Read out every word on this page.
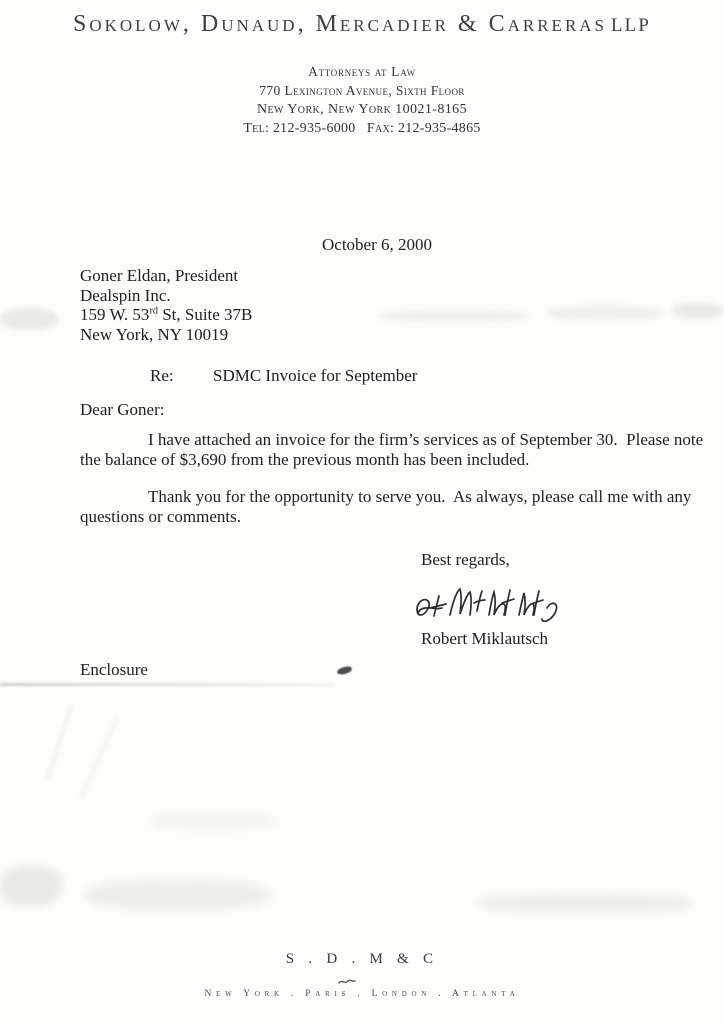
Sokolow, Dunaud, Mercadier & Carreras LLP
Attorneys at Law
770 Lexington Avenue, Sixth Floor
New York, New York 10021-8165
Tel: 212-935-6000   Fax: 212-935-4865
October 6, 2000
Goner Eldan, President
Dealspin Inc.
159 W. 53rd St, Suite 37B
New York, NY 10019
Re: SDMC Invoice for September
Dear Goner:
I have attached an invoice for the firm’s services as of September 30.  Please note the balance of $3,690 from the previous month has been included.
Thank you for the opportunity to serve you.  As always, please call me with any questions or comments.
Best regards,
Robert Miklautsch
Enclosure
S . D . M & C
New York . Paris . London . Atlanta
